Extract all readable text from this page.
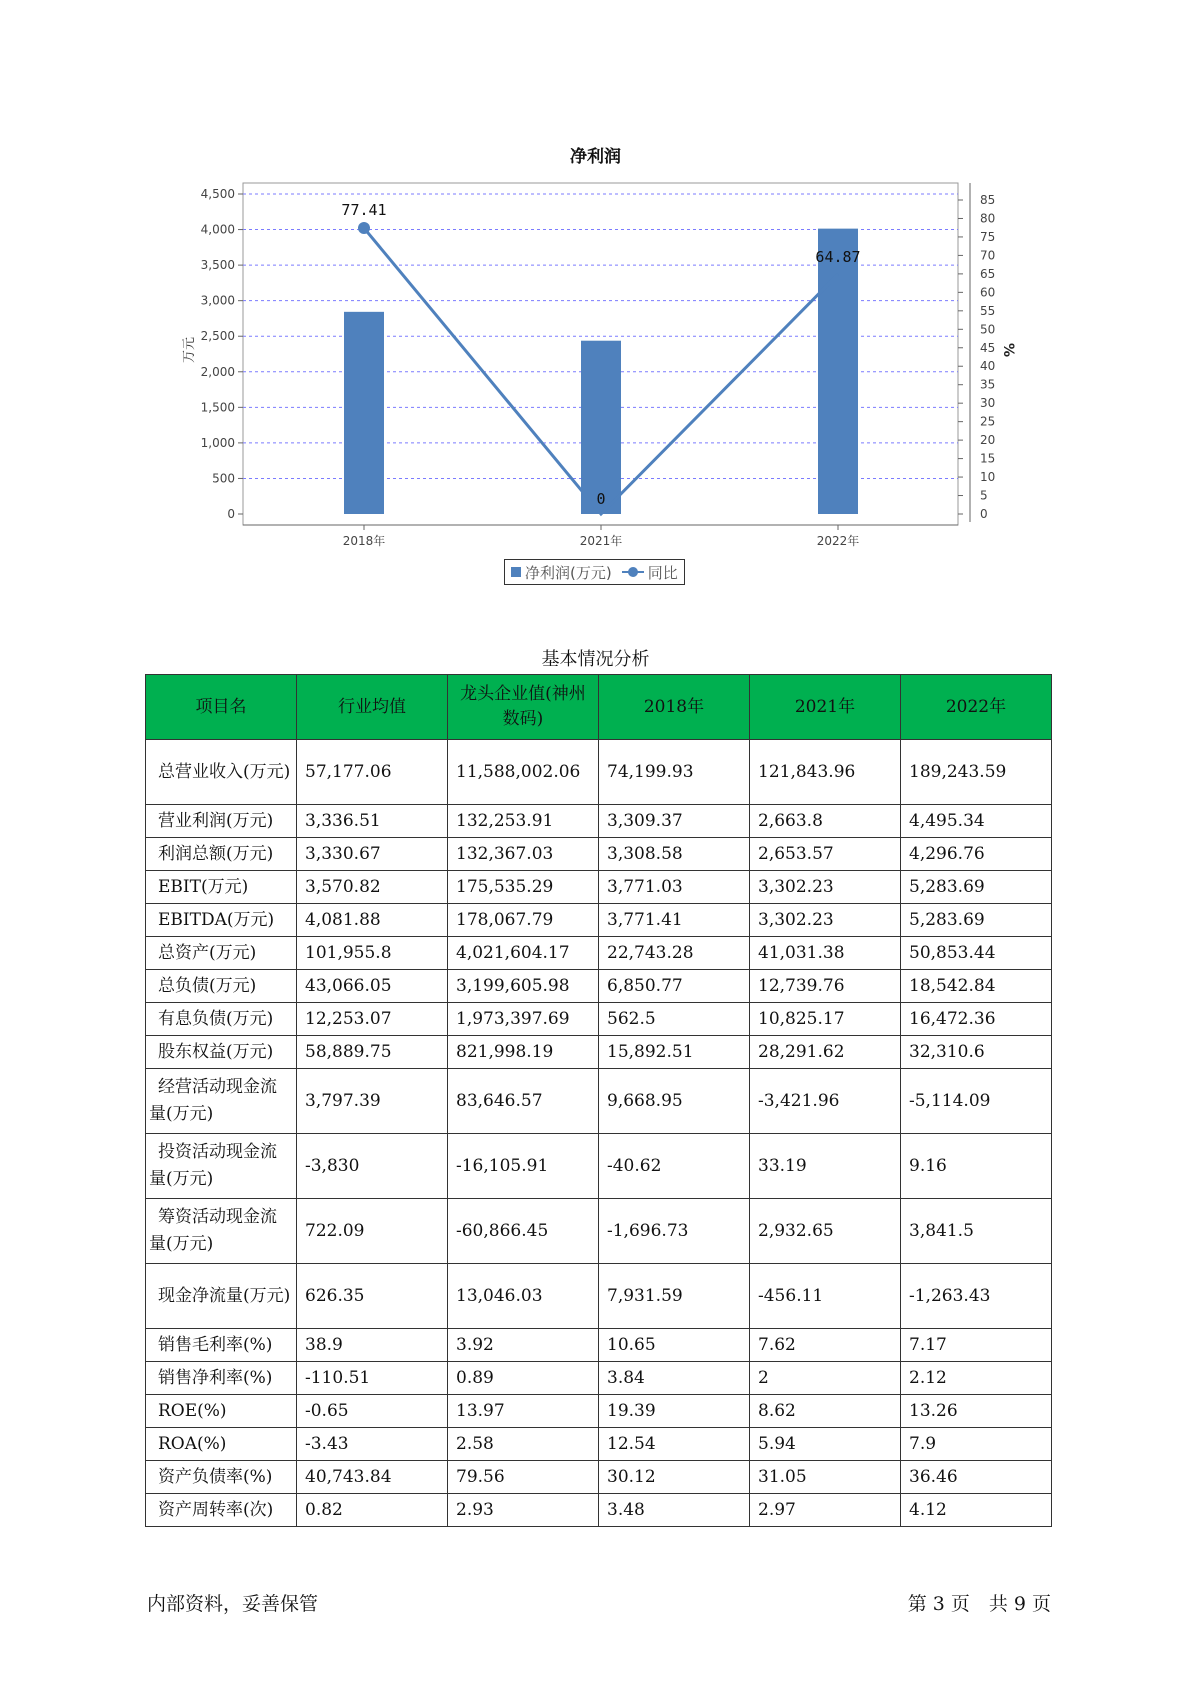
净利润
0
500
1,000
1,500
2,000
2,500
3,000
3,500
4,000
4,500
0
5
10
15
20
25
30
35
40
45
50
55
60
65
70
75
80
85
万元	%
2018年	2021年	2022年
77.41
0
64.87
净利润(万元) 同比
基本情况分析
项目名	行业均值	龙头企业值(神州数码)	2018年	2021年	2022年
总营业收入(万元)	57,177.06	11,588,002.06	74,199.93	121,843.96	189,243.59
营业利润(万元)	3,336.51	132,253.91	3,309.37	2,663.8	4,495.34
利润总额(万元)	3,330.67	132,367.03	3,308.58	2,653.57	4,296.76
EBIT(万元)	3,570.82	175,535.29	3,771.03	3,302.23	5,283.69
EBITDA(万元)	4,081.88	178,067.79	3,771.41	3,302.23	5,283.69
总资产(万元)	101,955.8	4,021,604.17	22,743.28	41,031.38	50,853.44
总负债(万元)	43,066.05	3,199,605.98	6,850.77	12,739.76	18,542.84
有息负债(万元)	12,253.07	1,973,397.69	562.5	10,825.17	16,472.36
股东权益(万元)	58,889.75	821,998.19	15,892.51	28,291.62	32,310.6
经营活动现金流量(万元)	3,797.39	83,646.57	9,668.95	-3,421.96	-5,114.09
投资活动现金流量(万元)	-3,830	-16,105.91	-40.62	33.19	9.16
筹资活动现金流量(万元)	722.09	-60,866.45	-1,696.73	2,932.65	3,841.5
现金净流量(万元)	626.35	13,046.03	7,931.59	-456.11	-1,263.43
销售毛利率(%)	38.9	3.92	10.65	7.62	7.17
销售净利率(%)	-110.51	0.89	3.84	2	2.12
ROE(%)	-0.65	13.97	19.39	8.62	13.26
ROA(%)	-3.43	2.58	12.54	5.94	7.9
资产负债率(%)	40,743.84	79.56	30.12	31.05	36.46
资产周转率(次)	0.82	2.93	3.48	2.97	4.12
内部资料，妥善保管	第 3 页　共 9 页
